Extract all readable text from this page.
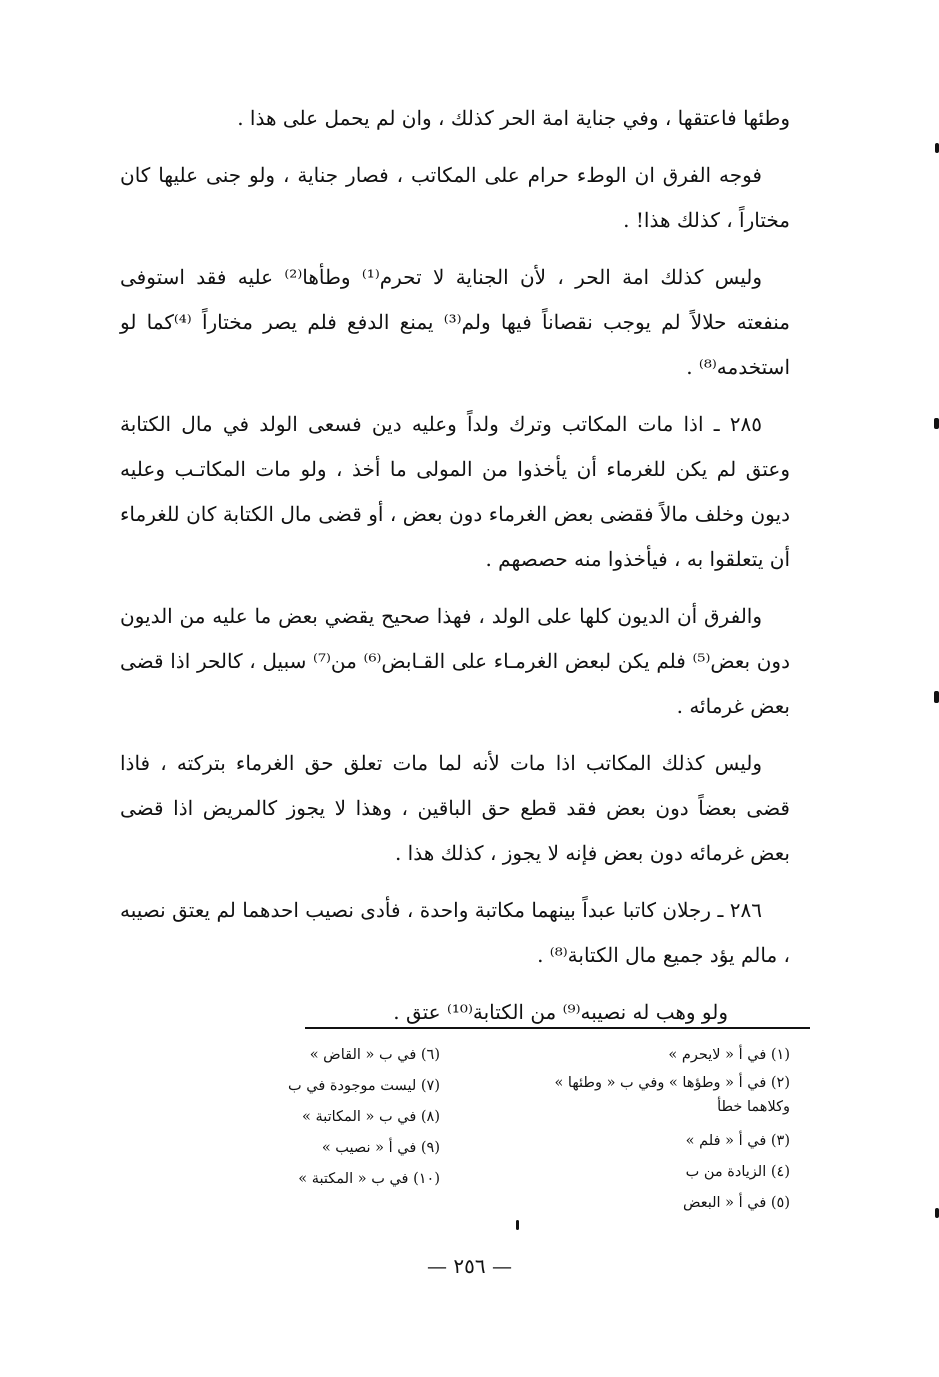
وطئها فاعتقها ، وفي جناية امة الحر كذلك ، وان لم يحمل على هذا .

فوجه الفرق ان الوطء حرام على المكاتب ، فصار جناية ، ولو جنى عليها كان مختاراً ، كذلك هذا! .

وليس كذلك امة الحر ، لأن الجناية لا تحرم⁽¹⁾ وطأها⁽²⁾ عليه فقد استوفى منفعته حلالاً لم يوجب نقصاناً فيها ولم⁽³⁾ يمنع الدفع فلم يصر مختاراً ⁽⁴⁾كما لو استخدمه⁽⁸⁾ .

٢٨٥ ـ اذا مات المكاتب وترك ولداً وعليه دين فسعى الولد في مال الكتابة وعتق لم يكن للغرماء أن يأخذوا من المولى ما أخذ ، ولو مات المكاتـب وعليه ديون وخلف مالاً فقضى بعض الغرماء دون بعض ، أو قضى مال الكتابة كان للغرماء أن يتعلقوا به ، فيأخذوا منه حصصهم .

والفرق أن الديون كلها على الولد ، فهذا صحيح يقضي بعض ما عليه من الديون دون بعض⁽⁵⁾ فلم يكن لبعض الغرمـاء على القـابض⁽⁶⁾ من⁽⁷⁾ سبيل ، كالحر اذا قضى بعض غرمائه .

وليس كذلك المكاتب اذا مات لأنه لما مات تعلق حق الغرماء بتركته ، فاذا قضى بعضاً دون بعض فقد قطع حق الباقين ، وهذا لا يجوز كالمريض اذا قضى بعض غرمائه دون بعض فإنه لا يجوز ، كذلك هذا .

٢٨٦ ـ رجلان كاتبا عبداً بينهما مكاتبة واحدة ، فأدى نصيب احدهما لم يعتق نصيبه ، مالم يؤد جميع مال الكتابة⁽⁸⁾ .

ولو وهب له نصيبه⁽⁹⁾ من الكتابة⁽¹⁰⁾ عتق .

(١) في أ « لايحرم »
(٢) في أ « وطؤها » وفي ب « وطئها » وكلاهما خطأ
(٣) في أ « فلم »
(٤) الزيادة من ب
(٥) في أ « البعض
(٦) في ب « القاض »
(٧) ليست موجودة في ب
(٨) في ب « المكاتبة »
(٩) في أ « نصيب »
(١٠) في ب « المكتبة »
— ٢٥٦ —
